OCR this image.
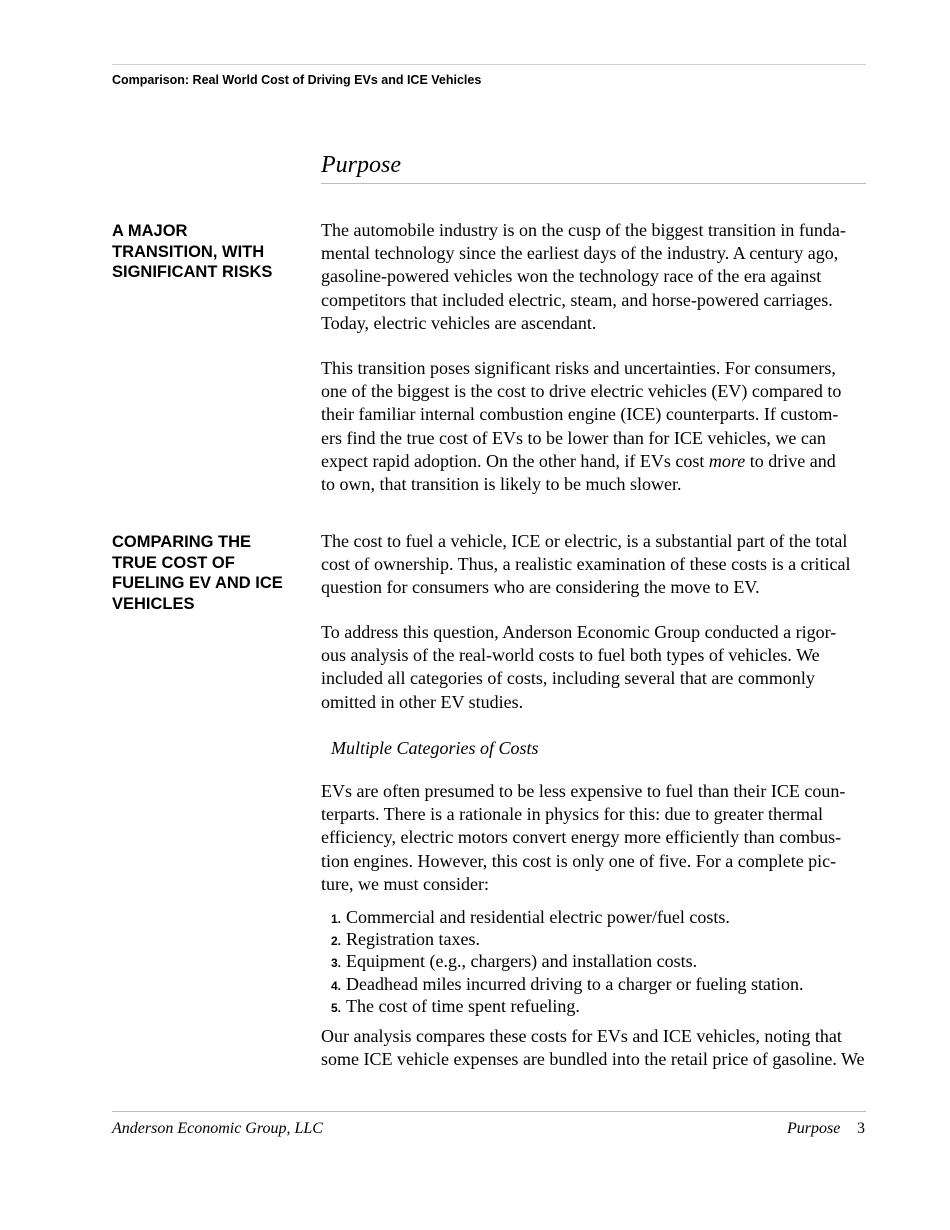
Comparison: Real World Cost of Driving EVs and ICE Vehicles
Purpose
A MAJOR
TRANSITION, WITH
SIGNIFICANT RISKS
The automobile industry is on the cusp of the biggest transition in funda-
mental technology since the earliest days of the industry. A century ago,
gasoline-powered vehicles won the technology race of the era against
competitors that included electric, steam, and horse-powered carriages.
Today, electric vehicles are ascendant.
This transition poses significant risks and uncertainties. For consumers,
one of the biggest is the cost to drive electric vehicles (EV) compared to
their familiar internal combustion engine (ICE) counterparts. If custom-
ers find the true cost of EVs to be lower than for ICE vehicles, we can
expect rapid adoption. On the other hand, if EVs cost more to drive and
to own, that transition is likely to be much slower.
COMPARING THE
TRUE COST OF
FUELING EV AND ICE
VEHICLES
The cost to fuel a vehicle, ICE or electric, is a substantial part of the total
cost of ownership. Thus, a realistic examination of these costs is a critical
question for consumers who are considering the move to EV.
To address this question, Anderson Economic Group conducted a rigor-
ous analysis of the real-world costs to fuel both types of vehicles. We
included all categories of costs, including several that are commonly
omitted in other EV studies.
Multiple Categories of Costs
EVs are often presumed to be less expensive to fuel than their ICE coun-
terparts. There is a rationale in physics for this: due to greater thermal
efficiency, electric motors convert energy more efficiently than combus-
tion engines. However, this cost is only one of five. For a complete pic-
ture, we must consider:
1. Commercial and residential electric power/fuel costs.
2. Registration taxes.
3. Equipment (e.g., chargers) and installation costs.
4. Deadhead miles incurred driving to a charger or fueling station.
5. The cost of time spent refueling.
Our analysis compares these costs for EVs and ICE vehicles, noting that
some ICE vehicle expenses are bundled into the retail price of gasoline. We
Anderson Economic Group, LLC	Purpose 3
